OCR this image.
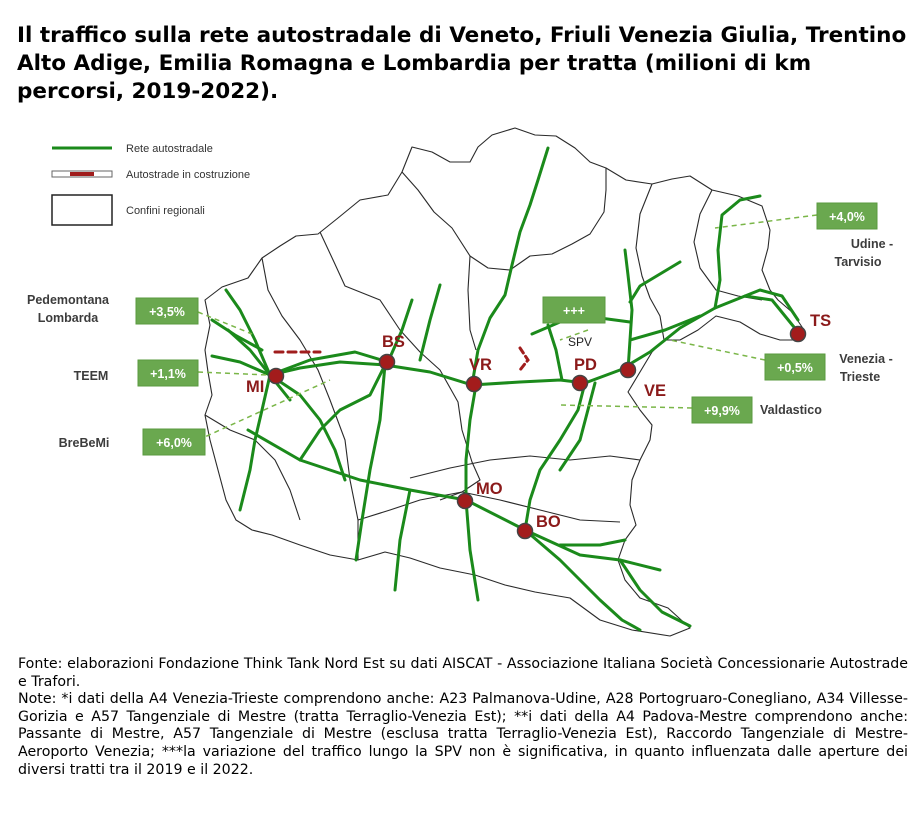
Il traffico sulla rete autostradale di Veneto, Friuli Venezia Giulia, Trentino Alto Adige, Emilia Romagna e Lombardia per tratta (milioni di km percorsi, 2019-2022).
MI
BS
VR	PD
VE
TS
MO
BO
SPV
+4,0%
+3,5%
+1,1%
+6,0%
+++
+0,5%
+9,9%
Udine -
Tarvisio
Pedemontana
Lombarda
TEEM
BreBeMi
Venezia -
Trieste
Valdastico
Rete autostradale
Autostrade in costruzione
Confini regionali

Fonte: elaborazioni Fondazione Think Tank Nord Est su dati AISCAT - Associazione Italiana Società Concessionarie Autostrade e Trafori.

Note: *i dati della A4 Venezia-Trieste comprendono anche: A23 Palmanova-Udine, A28 Portogruaro-Conegliano, A34 Villesse-Gorizia e A57 Tangenziale di Mestre (tratta Terraglio-Venezia Est); **i dati della A4 Padova-Mestre comprendono anche: Passante di Mestre, A57 Tangenziale di Mestre (esclusa tratta Terraglio-Venezia Est), Raccordo Tangenziale di Mestre-Aeroporto Venezia; ***la variazione del traffico lungo la SPV non è significativa, in quanto influenzata dalle aperture dei diversi tratti tra il 2019 e il 2022.
